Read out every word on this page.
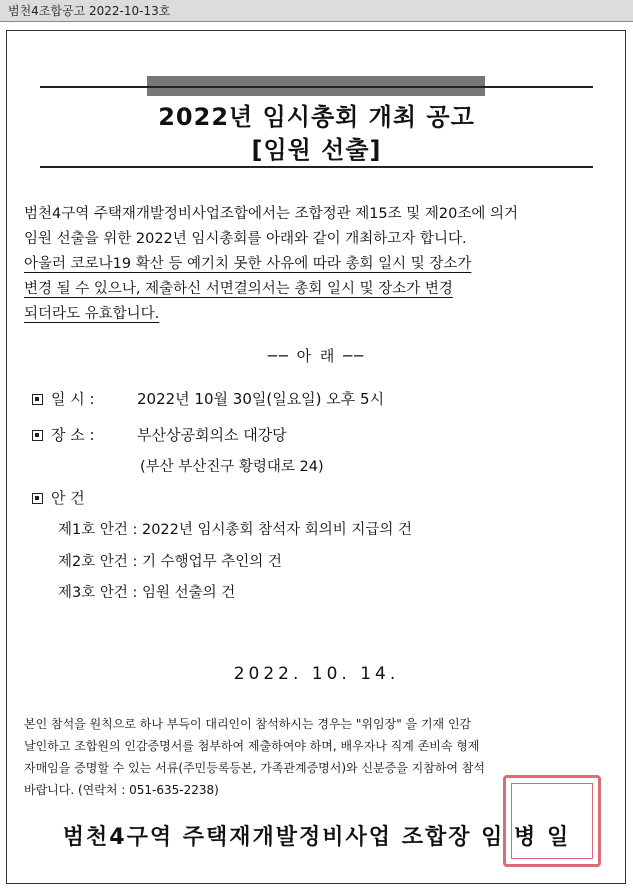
범천4조합공고 2022-10-13호
2022년 임시총회 개최 공고
[임원 선출]

범천4구역 주택재개발정비사업조합에서는 조합정관 제15조 및 제20조에 의거

임원 선출을 위한 2022년 임시총회를 아래와 같이 개최하고자 합니다.

아울러 코로나19 확산 등 예기치 못한 사유에 따라 총회 일시 및 장소가

변경 될 수 있으나, 제출하신 서면결의서는 총회 일시 및 장소가 변경

되더라도 유효합니다.

── 아 래 ──
일 시 :	2022년 10월 30일(일요일) 오후 5시
장 소 :	부산상공회의소 대강당
(부산 부산진구 황령대로 24)
안 건
제1호 안건 : 2022년 임시총회 참석자 회의비 지급의 건
제2호 안건 : 기 수행업무 추인의 건
제3호 안건 : 임원 선출의 건
2022. 10. 14.

본인 참석을 원칙으로 하나 부득이 대리인이 참석하시는 경우는 "위임장" 을 기재 인감

날인하고 조합원의 인감증명서를 첨부하여 제출하여야 하며, 배우자나 직계 존비속 형제

자매임을 증명할 수 있는 서류(주민등록등본, 가족관계증명서)와 신분증을 지참하여 참석

바랍니다. (연락처 : 051-635-2238)

범천4구역 주택재개발정비사업 조합장 임 병 일
